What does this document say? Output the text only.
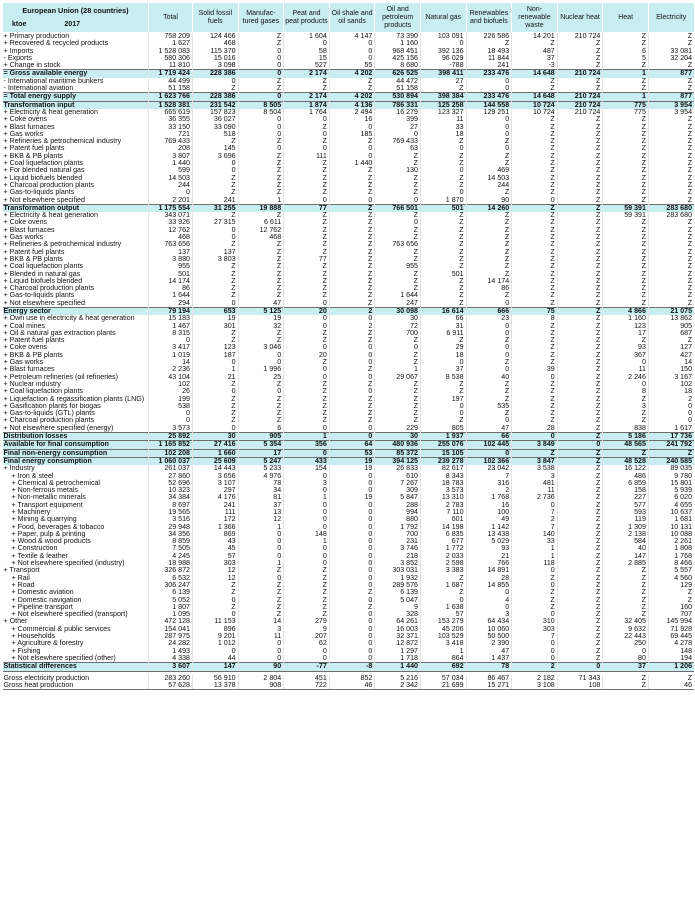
European Union (28 countries)
ktoe 2017	Total	Solid fossil fuels	Manufac-tured gases	Peat and peat products	Oil shale and oil sands	Oil and petroleum products	Natural gas	Renewables and biofuels	Non-renewable waste	Nuclear heat	Heat	Electricity
+ Primary production	758 209	124 466	Z	1 604	4 147	73 390	103 091	226 586	14 201	210 724	Z	Z
+ Recovered & recycled products	1 627	468	Z	0	0	1 160	0	Z	Z	Z	Z	Z
+ Imports	1 528 083	115 370	0	58	0	968 451	392 136	18 493	487	Z	6	33 081
- Exports	580 306	15 016	0	15	0	425 156	96 029	11 844	37	Z	5	32 204
+ Change in stock	11 810	3 098	0	527	55	8 680	-788	241	-3	Z	Z	Z
= Gross available energy	1 719 424	228 386	0	2 174	4 202	626 525	398 411	233 476	14 648	210 724	1	877
- International maritime bunkers	44 499	0	Z	Z	Z	44 472	27	0	Z	Z	Z	Z
- International aviation	51 158	Z	Z	Z	Z	51 158	Z	0	Z	Z	Z	Z
= Total energy supply	1 623 766	228 386	0	2 174	4 202	530 894	398 384	233 476	14 648	210 724	1	877
Transformation input	1 528 381	231 542	8 505	1 874	4 136	786 331	125 258	144 558	10 724	210 724	775	3 954
+ Electricity & heat generation	665 619	157 823	8 504	1 764	2 494	16 279	123 327	129 251	10 724	210 724	775	3 954
+ Coke ovens	36 355	36 027	0	0	16	399	11	0	Z	Z	Z	Z
+ Blast furnaces	33 150	33 090	0	Z	0	27	33	0	Z	Z	Z	Z
+ Gas works	721	518	0	0	185	0	18	0	Z	Z	Z	Z
+ Refineries & petrochemical industry	769 433	Z	Z	Z	Z	769 433	Z	Z	Z	Z	Z	Z
+ Patent fuel plants	208	145	0	0	0	63	0	0	Z	Z	Z	Z
+ BKB & PB plants	3 807	3 696	Z	111	0	Z	Z	Z	Z	Z	Z	Z
+ Coal liquefaction plants	1 440	0	Z	Z	1 440	Z	Z	Z	Z	Z	Z	Z
+ For blended natural gas	599	0	Z	Z	Z	130	0	469	Z	Z	Z	Z
+ Liquid biofuels blended	14 503	Z	Z	Z	Z	Z	Z	14 503	Z	Z	Z	Z
+ Charcoal production plants	244	Z	Z	Z	Z	Z	Z	244	Z	Z	Z	Z
+ Gas-to-liquids plants	0	Z	Z	Z	Z	Z	0	Z	Z	Z	Z	Z
+ Not elsewhere specified	2 201	241	1	0	0	0	1 870	90	0	Z	Z	Z
Transformation output	1 175 554	31 255	19 888	77	Z	766 501	501	14 260	Z	Z	59 391	283 680
+ Electricity & heat generation	343 071	Z	Z	Z	Z	Z	Z	Z	Z	Z	59 391	283 680
+ Coke ovens	33 926	27 315	6 611	Z	Z	0	Z	Z	Z	Z	Z	Z
+ Blast furnaces	12 762	0	12 762	Z	Z	Z	Z	Z	Z	Z	Z	Z
+ Gas works	468	0	468	Z	Z	Z	Z	Z	Z	Z	Z	Z
+ Refineries & petrochemical industry	763 656	Z	Z	Z	Z	763 656	Z	Z	Z	Z	Z	Z
+ Patent fuel plants	137	137	Z	Z	Z	Z	Z	Z	Z	Z	Z	Z
+ BKB & PB plants	3 880	3 803	Z	77	Z	Z	Z	Z	Z	Z	Z	Z
+ Coal liquefaction plants	955	Z	Z	Z	Z	955	Z	Z	Z	Z	Z	Z
+ Blended in natural gas	501	Z	Z	Z	Z	Z	501	Z	Z	Z	Z	Z
+ Liquid biofuels blended	14 174	Z	Z	Z	Z	Z	Z	14 174	Z	Z	Z	Z
+ Charcoal production plants	86	Z	Z	Z	Z	Z	Z	86	Z	Z	Z	Z
+ Gas-to-liquids plants	1 644	Z	Z	Z	Z	1 644	Z	Z	Z	Z	Z	Z
+ Not elsewhere specified	294	0	47	0	Z	247	Z	0	Z	Z	Z	Z
Energy sector	79 194	653	5 125	20	2	30 098	16 614	666	75	Z	4 866	21 075
+ Own use in electricity & heat generation	15 183	19	19	0	0	30	66	23	8	Z	1 160	13 862
+ Coal mines	1 467	301	32	0	2	72	31	0	Z	Z	123	905
+ Oil & natural gas extraction plants	8 315	Z	Z	Z	Z	700	6 911	0	Z	Z	17	687
+ Patent fuel plants	0	Z	Z	Z	Z	Z	Z	Z	Z	Z	Z	Z
+ Coke ovens	3 417	123	3 046	0	0	0	29	0	Z	Z	93	127
+ BKB & PB plants	1 019	187	0	20	0	Z	18	0	Z	Z	367	427
+ Gas works	14	0	0	Z	0	Z	0	Z	Z	Z	0	14
+ Blast furnaces	2 236	1	1 996	0	Z	1	37	0	39	Z	11	150
+ Petroleum refineries (oil refineries)	43 104	21	25	0	0	29 067	8 538	40	0	Z	2 246	3 167
+ Nuclear industry	102	Z	Z	Z	Z	Z	Z	Z	Z	Z	0	102
+ Coal liquefaction plants	26	0	0	Z	0	Z	Z	Z	Z	Z	8	18
+ Liquefaction & regassification plants (LNG)	199	Z	Z	Z	Z	Z	197	Z	Z	Z	Z	2
+ Gasification plants for biogas	538	Z	Z	Z	Z	Z	0	535	Z	Z	3	0
+ Gas-to-liquids (GTL) plants	0	Z	Z	Z	Z	Z	0	Z	Z	Z	Z	0
+ Charcoal production plants	0	Z	Z	Z	Z	Z	Z	0	Z	Z	Z	0
+ Not elsewhere specified (energy)	3 573	0	6	0	0	229	805	47	28	Z	838	1 617
Distribution losses	25 892	30	905	1	0	30	1 937	66	0	Z	5 186	17 736
Available for final consumption	1 165 852	27 416	5 354	356	64	480 936	255 076	102 445	3 849	0	48 565	241 792
Final non-energy consumption	102 208	1 660	17	0	53	85 372	15 105	0	Z	Z	Z	Z
Final energy consumption	1 060 037	25 609	5 247	433	19	394 125	239 278	102 366	3 847	Z	48 528	240 585
+ Industry	261 037	14 443	5 233	154	19	26 833	82 617	23 042	3 538	Z	16 122	89 035
+ Iron & steel	27 860	3 656	4 976	0	0	610	8 343	7	3	Z	486	9 780
+ Chemical & petrochemical	52 696	3 107	78	3	0	7 267	18 783	316	481	Z	6 859	15 801
+ Non-ferrous metals	10 323	297	34	0	0	309	3 573	2	11	Z	158	5 939
+ Non-metallic minerals	34 384	4 176	81	1	19	5 847	13 310	1 768	2 736	Z	227	6 020
+ Transport equipment	8 697	241	37	0	0	288	2 783	16	0	Z	577	4 655
+ Machinery	19 565	111	13	0	0	994	7 110	100	7	Z	593	10 637
+ Mining & quarrying	3 516	172	12	0	0	880	601	49	2	Z	119	1 681
+ Food, beverages & tobacco	29 948	1 366	1	0	0	1 792	14 198	1 142	7	Z	1 309	10 131
+ Paper, pulp & printing	34 356	869	0	148	0	700	6 835	13 438	140	Z	2 138	10 088
+ Wood & wood products	8 859	43	0	1	0	231	677	5 029	33	Z	584	2 261
+ Construction	7 505	45	0	0	0	3 746	1 772	93	1	Z	40	1 808
+ Textile & leather	4 245	57	0	0	0	218	2 033	21	1	Z	147	1 768
+ Not elsewhere specified (industry)	18 988	303	1	0	0	3 852	2 598	766	118	Z	2 885	8 466
+ Transport	326 872	12	Z	Z	0	303 031	3 383	14 891	0	Z	Z	5 557
+ Rail	6 532	12	0	Z	0	1 932	Z	28	Z	Z	Z	4 560
+ Road	306 247	Z	Z	Z	0	289 576	1 687	14 855	0	Z	Z	129
+ Domestic aviation	6 139	Z	Z	Z	Z	6 139	Z	0	Z	Z	Z	Z
+ Domestic navigation	5 052	0	Z	Z	0	5 047	0	4	Z	Z	Z	Z
+ Pipeline transport	1 807	Z	Z	Z	Z	9	1 638	0	Z	Z	Z	160
+ Not elsewhere specified (transport)	1 095	0	Z	Z	0	328	57	3	0	Z	Z	707
+ Other	472 128	11 153	14	279	0	64 261	153 279	64 434	310	Z	32 405	145 994
+ Commercial & public services	154 041	896	3	9	0	16 003	45 206	10 060	303	Z	9 632	71 928
+ Households	287 975	9 201	11	207	0	32 371	103 529	50 500	7	Z	22 443	69 445
+ Agriculture & forestry	24 282	1 012	0	62	0	12 872	3 418	2 390	0	Z	250	4 278
+ Fishing	1 493	0	0	0	0	1 297	1	47	0	Z	0	148
+ Not elsewhere specified (other)	4 338	44	0	0	0	1 718	864	1 437	0	Z	80	194
Statistical differences	3 607	147	90	-77	-8	1 440	692	78	2	0	37	1 206

Gross electricity production	283 260	56 910	2 804	451	852	5 216	57 034	86 467	2 182	71 343	Z	Z
Gross heat production	57 628	13 378	908	722	46	2 342	21 699	15 271	3 108	108	Z	46
